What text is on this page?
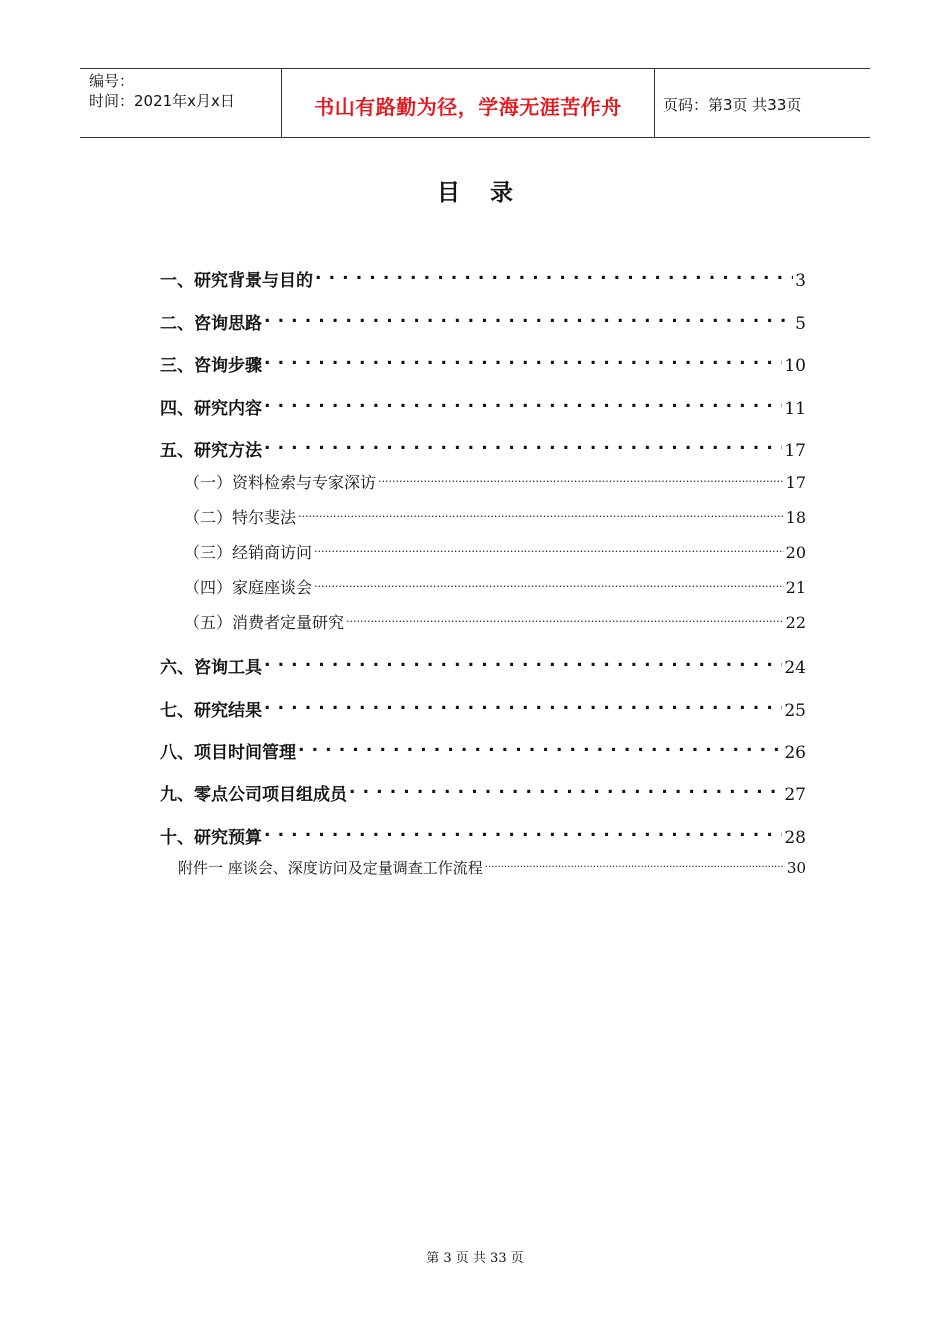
编号：
时间：2021年x月x日	书山有路勤为径，学海无涯苦作舟	页码：第3页 共33页
目 录
一、研究背景与目的 . . .	3
二、咨询思路 . . .	5
三、咨询步骤 . . .	10
四、研究内容 . . .	11
五、研究方法 . . .	17
（一）资料检索与专家深访 .....	17
（二）特尔斐法 .....	18
（三）经销商访问 .....	20
（四）家庭座谈会 .....	21
（五）消费者定量研究 .....	22
六、咨询工具 . . .	24
七、研究结果 . . .	25
八、项目时间管理 . . .	26
九、零点公司项目组成员 . . .	27
十、研究预算 . . .	28
附件一 座谈会、深度访问及定量调查工作流程 .....	30
第 3 页 共 33 页
